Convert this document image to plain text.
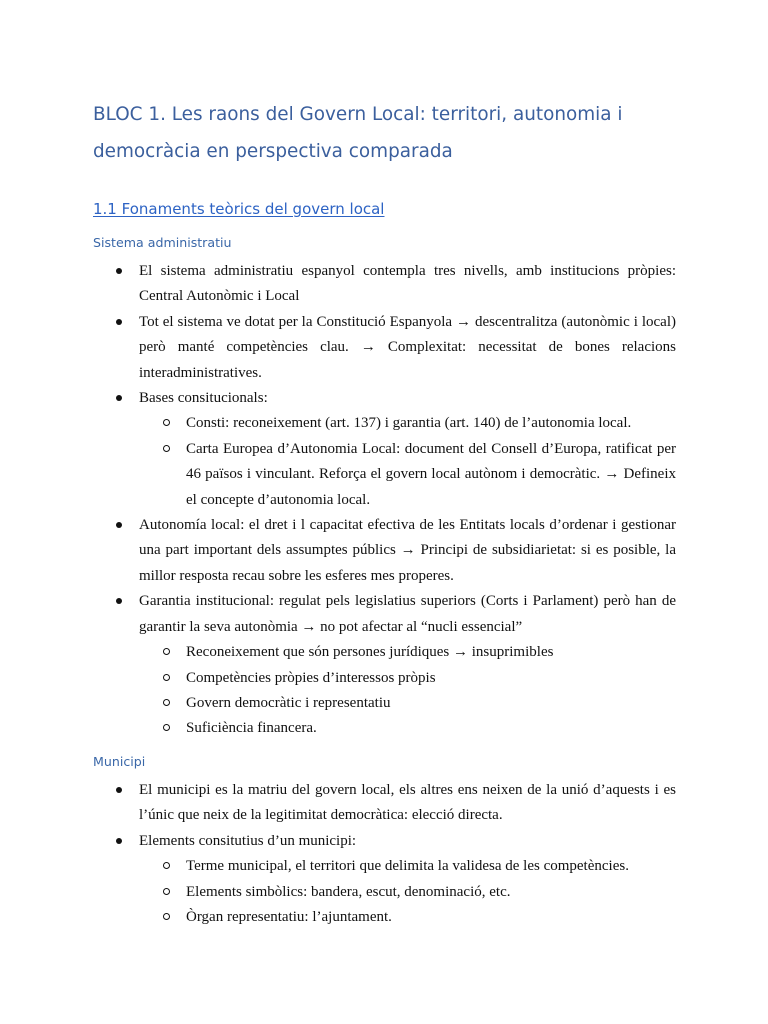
BLOC 1. Les raons del Govern Local: territori, autonomia i democràcia en perspectiva comparada
1.1 Fonaments teòrics del govern local
Sistema administratiu
El sistema administratiu espanyol contempla tres nivells, amb institucions pròpies: Central Autonòmic i Local
Tot el sistema ve dotat per la Constitució Espanyola → descentralitza (autonòmic i local) però manté competències clau. → Complexitat: necessitat de bones relacions interadministratives.
Bases consitucionals:
Consti: reconeixement (art. 137) i garantia (art. 140) de l’autonomia local.
Carta Europea d’Autonomia Local: document del Consell d’Europa, ratificat per 46 països i vinculant. Reforça el govern local autònom i democràtic. → Defineix el concepte d’autonomia local.
Autonomía local: el dret i l capacitat efectiva de les Entitats locals d’ordenar i gestionar una part important dels assumptes públics → Principi de subsidiarietat: si es posible, la millor resposta recau sobre les esferes mes properes.
Garantia institucional: regulat pels legislatius superiors (Corts i Parlament) però han de garantir la seva autonòmia → no pot afectar al “nucli essencial”
Reconeixement que són persones jurídiques → insuprimibles
Competències pròpies d’interessos pròpis
Govern democràtic i representatiu
Suficiència financera.
Municipi
El municipi es la matriu del govern local, els altres ens neixen de la unió d’aquests i es l’únic que neix de la legitimitat democràtica: elecció directa.
Elements consitutius d’un municipi:
Terme municipal, el territori que delimita la validesa de les competències.
Elements simbòlics: bandera, escut, denominació, etc.
Òrgan representatiu: l’ajuntament.
